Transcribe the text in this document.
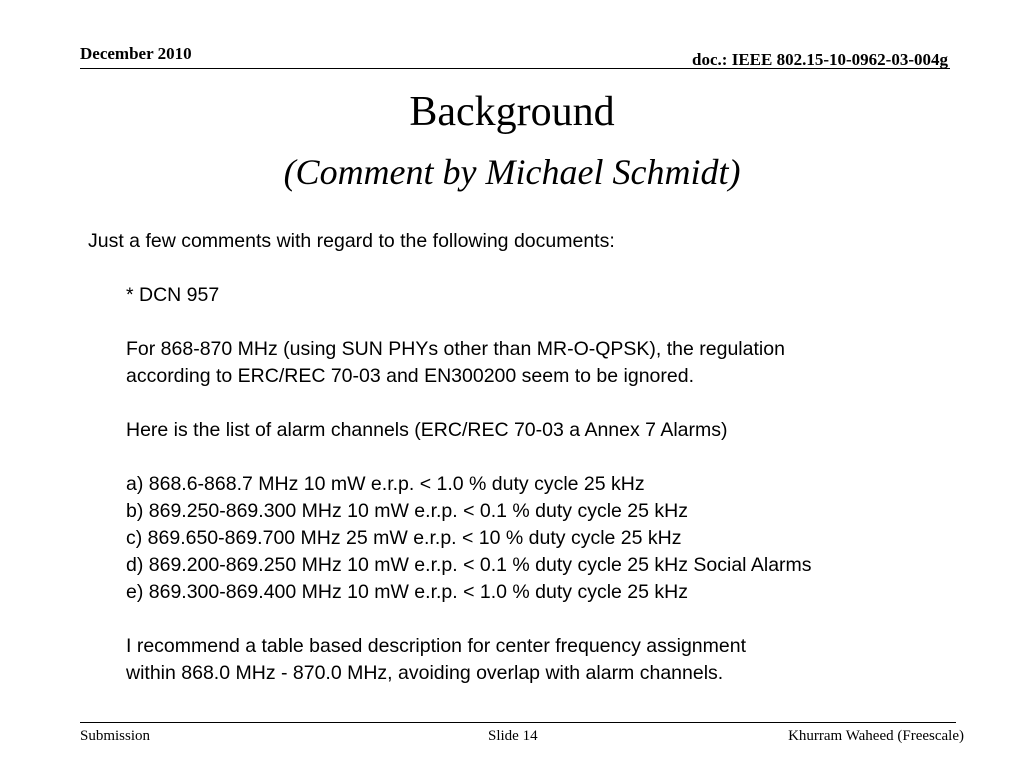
December 2010	doc.: IEEE 802.15-10-0962-03-004g
Background
(Comment by Michael Schmidt)
Just a few comments with regard to the following documents:
* DCN 957
For 868-870 MHz (using SUN PHYs other than MR-O-QPSK), the regulation
according to ERC/REC 70-03 and EN300200 seem to be ignored.
Here is the list of alarm channels (ERC/REC 70-03 a Annex 7 Alarms)
a) 868.6-868.7 MHz 10 mW e.r.p. < 1.0 % duty cycle 25 kHz
b) 869.250-869.300 MHz 10 mW e.r.p. < 0.1 % duty cycle 25 kHz
c) 869.650-869.700 MHz 25 mW e.r.p. < 10 % duty cycle 25 kHz
d) 869.200-869.250 MHz 10 mW e.r.p. < 0.1 % duty cycle 25 kHz Social Alarms
e) 869.300-869.400 MHz 10 mW e.r.p. < 1.0 % duty cycle 25 kHz
I recommend a table based description for center frequency assignment
within 868.0 MHz - 870.0 MHz, avoiding overlap with alarm channels.
Submission	Slide 14	Khurram Waheed (Freescale)
